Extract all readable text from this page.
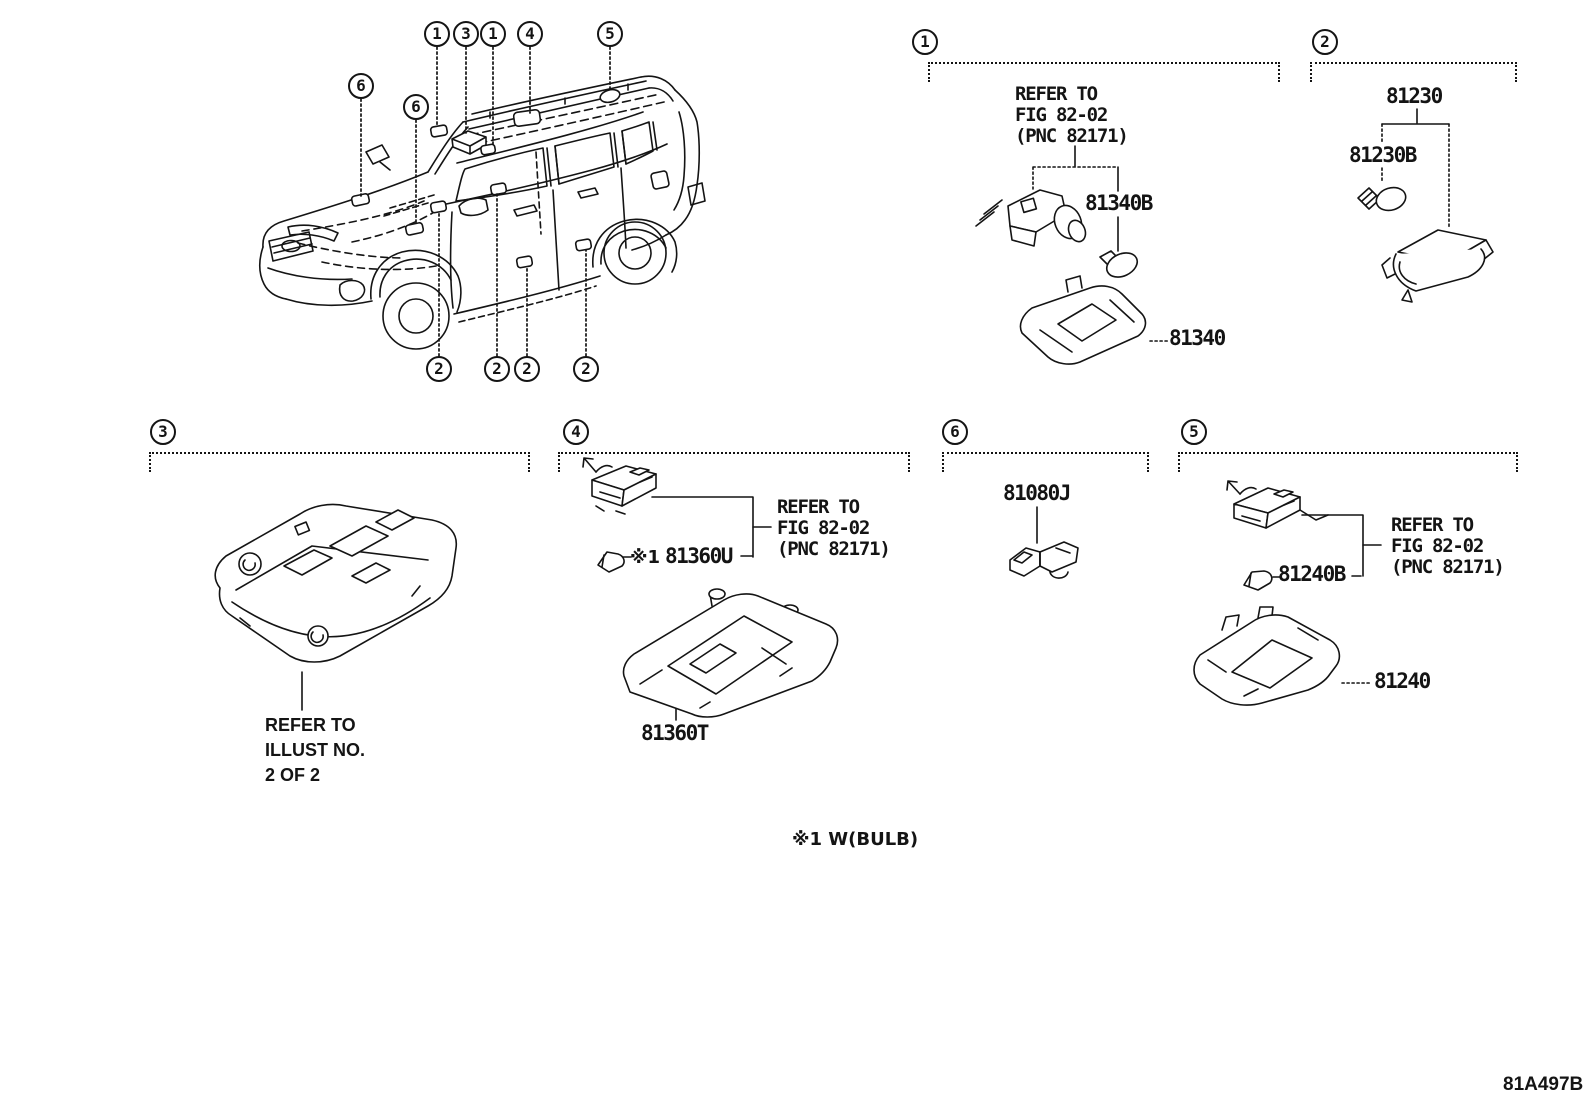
1 3 1 4	5
6
6
2	2 2	2
1	2
3	4	6	5
REFER TO
FIG 82-02
(PNC 82171)
81340B
81340
81230
81230B
REFER TO
ILLUST NO.
2 OF 2
※1 81360U
REFER TO
FIG 82-02
(PNC 82171)
81360T
81080J
REFER TO
FIG 82-02
(PNC 82171)
81240B
81240
※1 W(BULB)
81A497B
